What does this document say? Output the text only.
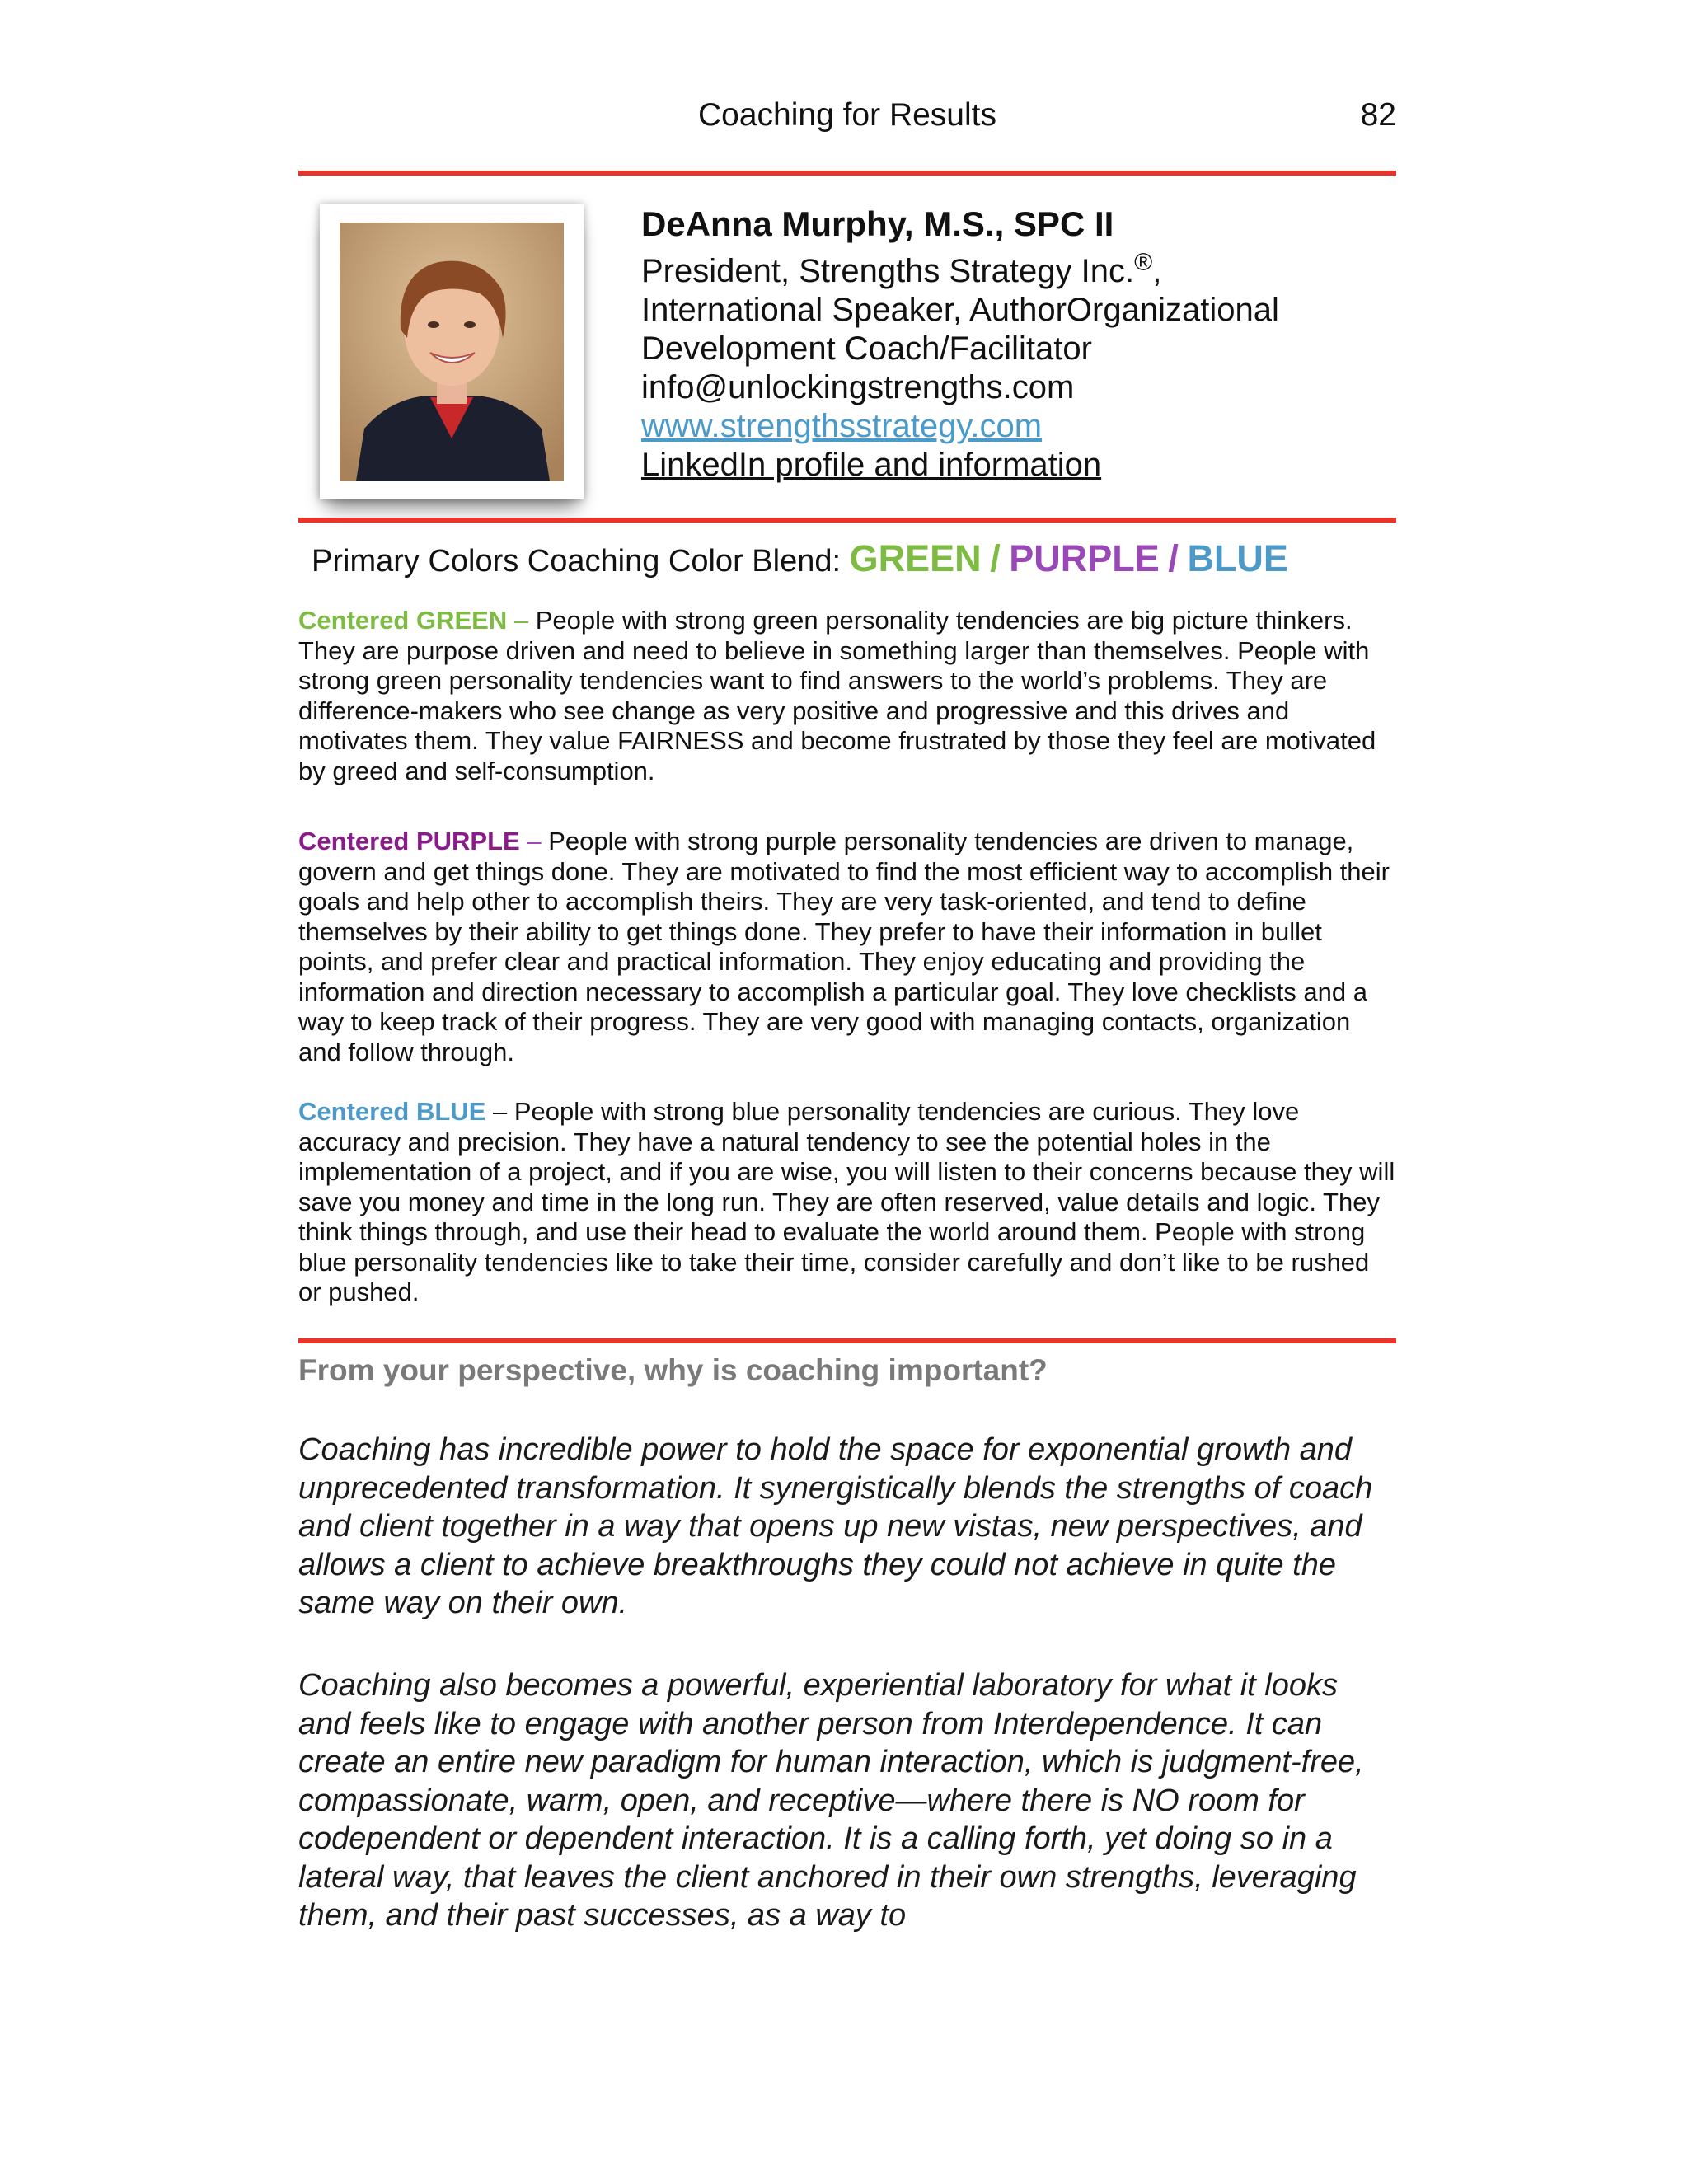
Coaching for Results	82
DeAnna Murphy, M.S., SPC II
President, Strengths Strategy Inc.®,
International Speaker, AuthorOrganizational
Development Coach/Facilitator
info@unlockingstrengths.com
www.strengthsstrategy.com
LinkedIn profile and information
Primary Colors Coaching Color Blend: GREEN / PURPLE / BLUE
Centered GREEN – People with strong green personality tendencies are big picture thinkers. They are purpose driven and need to believe in something larger than themselves. People with strong green personality tendencies want to find answers to the world’s problems. They are difference-makers who see change as very positive and progressive and this drives and motivates them. They value FAIRNESS and become frustrated by those they feel are motivated by greed and self-consumption.
Centered PURPLE – People with strong purple personality tendencies are driven to manage, govern and get things done. They are motivated to find the most efficient way to accomplish their goals and help other to accomplish theirs. They are very task-oriented, and tend to define themselves by their ability to get things done. They prefer to have their information in bullet points, and prefer clear and practical information. They enjoy educating and providing the information and direction necessary to accomplish a particular goal. They love checklists and a way to keep track of their progress. They are very good with managing contacts, organization and follow through.
Centered BLUE – People with strong blue personality tendencies are curious. They love accuracy and precision. They have a natural tendency to see the potential holes in the implementation of a project, and if you are wise, you will listen to their concerns because they will save you money and time in the long run. They are often reserved, value details and logic. They think things through, and use their head to evaluate the world around them. People with strong blue personality tendencies like to take their time, consider carefully and don’t like to be rushed or pushed.
From your perspective, why is coaching important?
Coaching has incredible power to hold the space for exponential growth and unprecedented transformation. It synergistically blends the strengths of coach and client together in a way that opens up new vistas, new perspectives, and allows a client to achieve breakthroughs they could not achieve in quite the same way on their own.
Coaching also becomes a powerful, experiential laboratory for what it looks and feels like to engage with another person from Interdependence. It can create an entire new paradigm for human interaction, which is judgment-free, compassionate, warm, open, and receptive—where there is NO room for codependent or dependent interaction. It is a calling forth, yet doing so in a lateral way, that leaves the client anchored in their own strengths, leveraging them, and their past successes, as a way to
